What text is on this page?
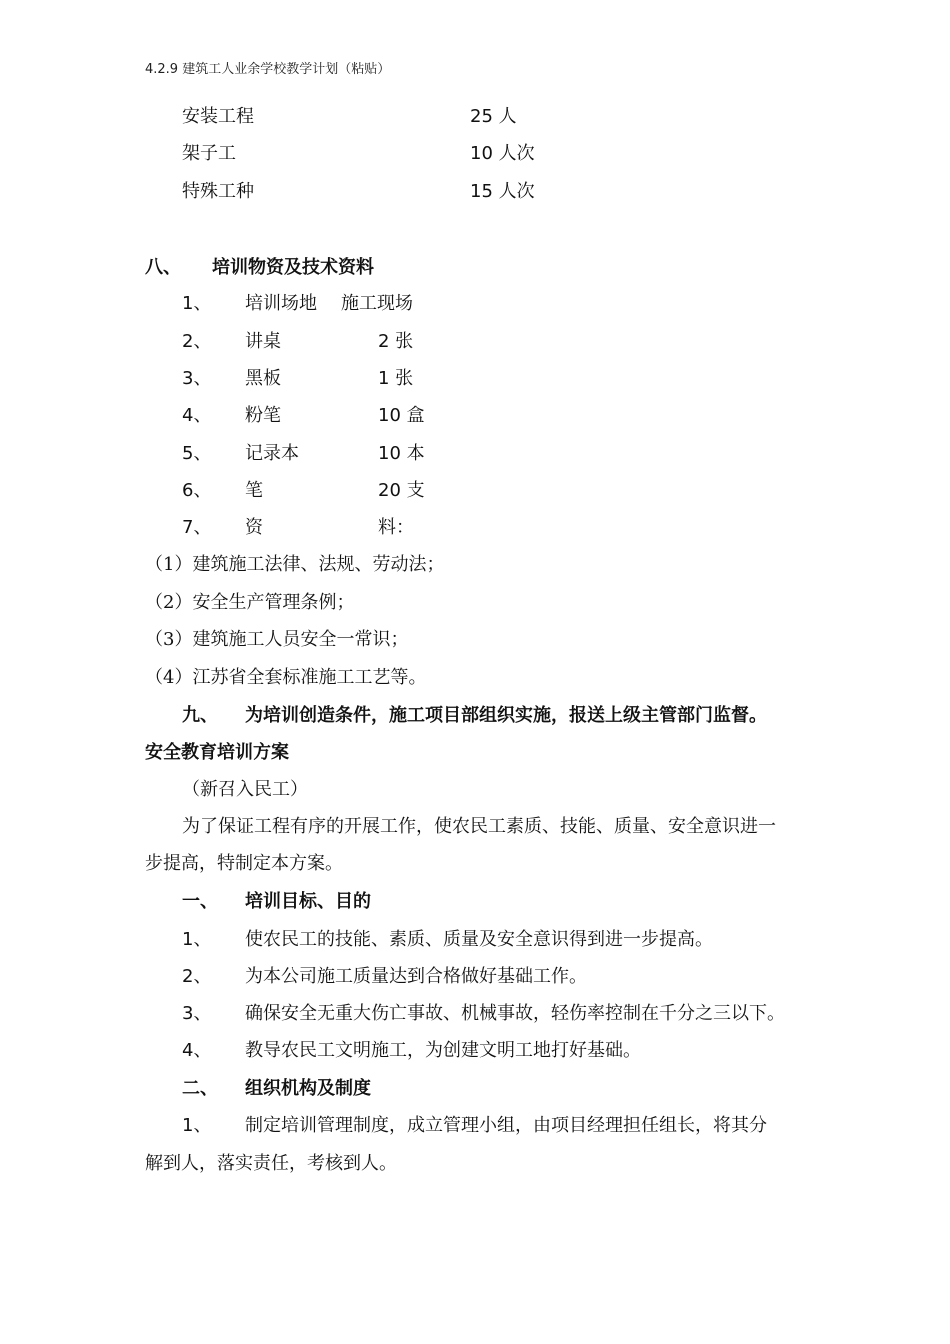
4.2.9 建筑工人业余学校教学计划（粘贴）
安装工程	25 人
架子工	10 人次
特殊工种	15 人次
八、 培训物资及技术资料
1、 培训场地 施工现场
2、 讲桌	2 张
3、 黑板	1 张
4、 粉笔	10 盒
5、 记录本	10 本
6、 笔	20 支
7、 资	料：
（1）建筑施工法律、法规、劳动法；
（2）安全生产管理条例；
（3）建筑施工人员安全一常识；
（4）江苏省全套标准施工工艺等。
九、 为培训创造条件，施工项目部组织实施，报送上级主管部门监督。
安全教育培训方案
（新召入民工）
为了保证工程有序的开展工作，使农民工素质、技能、质量、安全意识进一
步提高，特制定本方案。
一、 培训目标、目的
1、 使农民工的技能、素质、质量及安全意识得到进一步提高。
2、 为本公司施工质量达到合格做好基础工作。
3、 确保安全无重大伤亡事故、机械事故，轻伤率控制在千分之三以下。
4、 教导农民工文明施工，为创建文明工地打好基础。
二、 组织机构及制度
1、 制定培训管理制度，成立管理小组，由项目经理担任组长，将其分
解到人，落实责任，考核到人。
